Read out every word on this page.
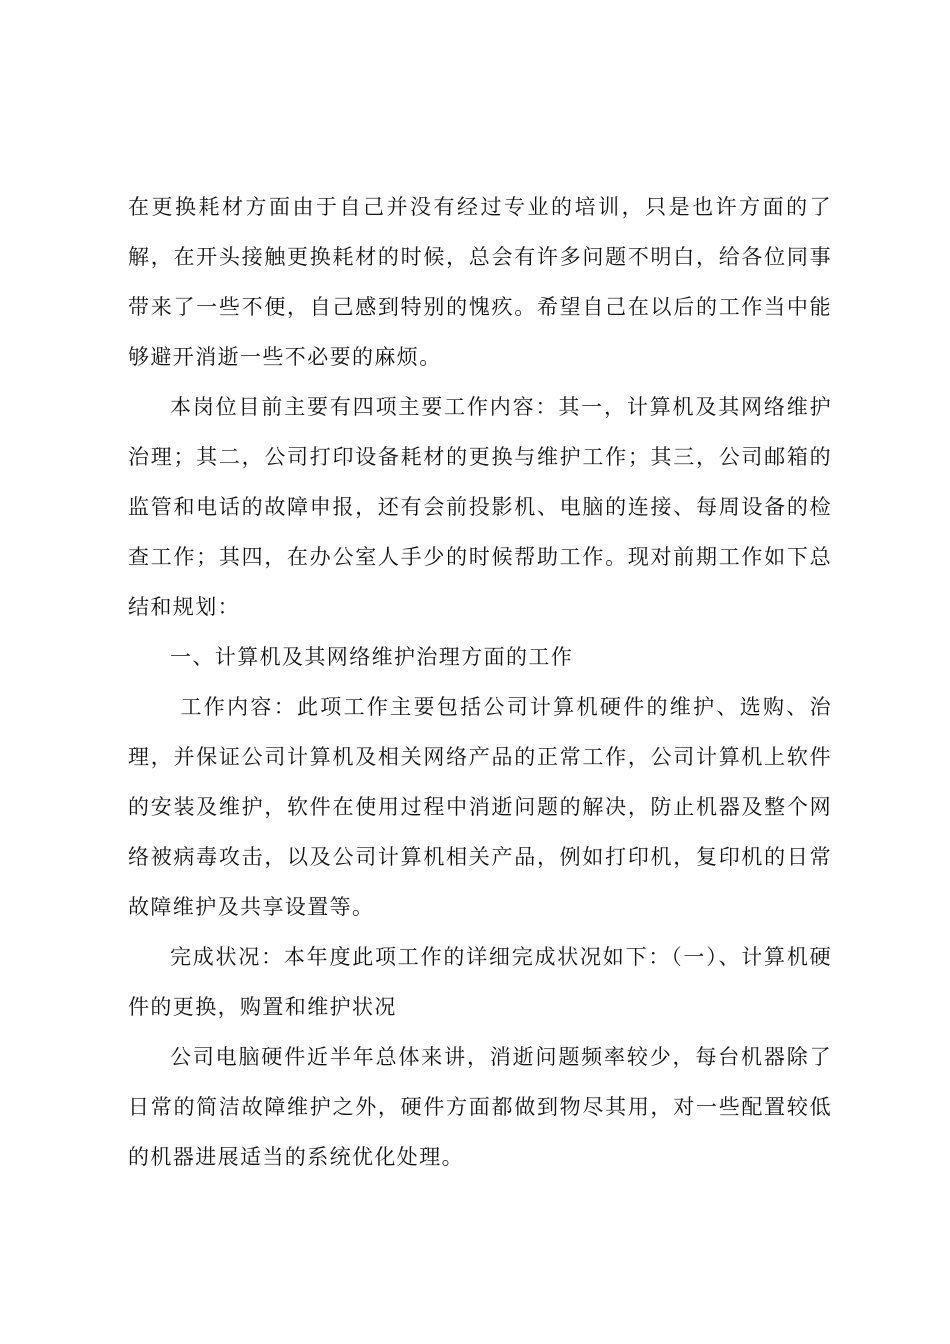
在更换耗材方面由于自己并没有经过专业的培训，只是也许方面的了解，在开头接触更换耗材的时候，总会有许多问题不明白，给各位同事带来了一些不便，自己感到特别的愧疚。希望自己在以后的工作当中能够避开消逝一些不必要的麻烦。

本岗位目前主要有四项主要工作内容：其一，计算机及其网络维护治理；其二，公司打印设备耗材的更换与维护工作；其三，公司邮箱的监管和电话的故障申报，还有会前投影机、电脑的连接、每周设备的检查工作；其四，在办公室人手少的时候帮助工作。现对前期工作如下总结和规划：

一、计算机及其网络维护治理方面的工作

工作内容：此项工作主要包括公司计算机硬件的维护、选购、治理，并保证公司计算机及相关网络产品的正常工作，公司计算机上软件的安装及维护，软件在使用过程中消逝问题的解决，防止机器及整个网络被病毒攻击，以及公司计算机相关产品，例如打印机，复印机的日常故障维护及共享设置等。

完成状况：本年度此项工作的详细完成状况如下：（一）、计算机硬件的更换，购置和维护状况

公司电脑硬件近半年总体来讲，消逝问题频率较少，每台机器除了日常的简洁故障维护之外，硬件方面都做到物尽其用，对一些配置较低的机器进展适当的系统优化处理。
